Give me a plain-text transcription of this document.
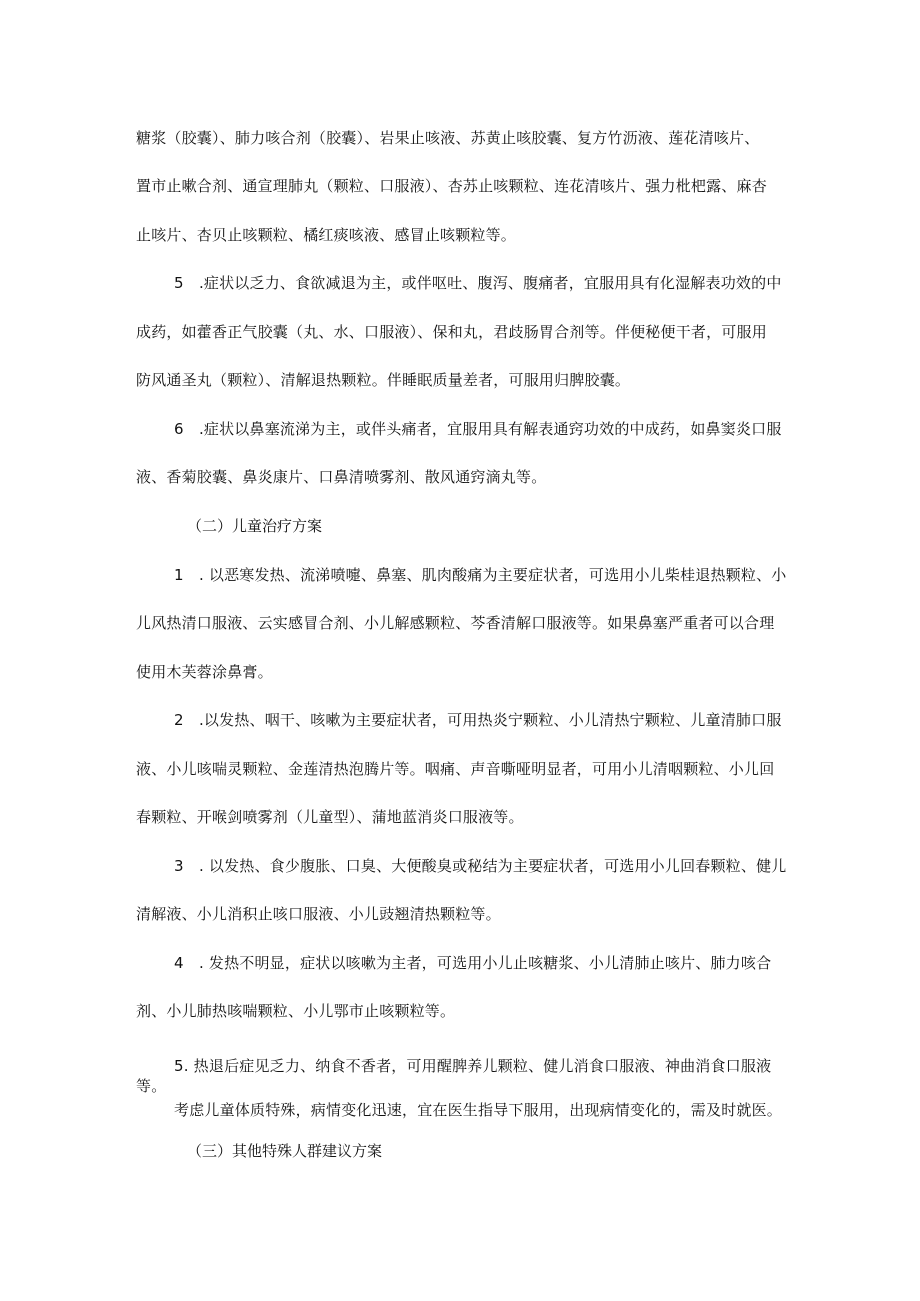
糖浆（胶囊）、肺力咳合剂（胶囊）、岩果止咳液、苏黄止咳胶囊、复方竹沥液、莲花清咳片、
置市止嗽合剂、通宣理肺丸（颗粒、口服液）、杏苏止咳颗粒、连花清咳片、强力枇杷露、麻杏
止咳片、杏贝止咳颗粒、橘红痰咳液、感冒止咳颗粒等。
5　.症状以乏力、食欲减退为主，或伴呕吐、腹泻、腹痛者，宜服用具有化湿解表功效的中
成药，如藿香正气胶囊（丸、水、口服液）、保和丸，君歧肠胃合剂等。伴便秘便干者，可服用
防风通圣丸（颗粒）、清解退热颗粒。伴睡眠质量差者，可服用归脾胶囊。
6　.症状以鼻塞流涕为主，或伴头痛者，宜服用具有解表通窍功效的中成药，如鼻窦炎口服
液、香菊胶囊、鼻炎康片、口鼻清喷雾剂、散风通窍滴丸等。
（二）儿童治疗方案
1　. 以恶寒发热、流涕喷嚏、鼻塞、肌肉酸痛为主要症状者，可选用小儿柴桂退热颗粒、小
儿风热清口服液、云实感冒合剂、小儿解感颗粒、芩香清解口服液等。如果鼻塞严重者可以合理
使用木芙蓉涂鼻膏。
2　.以发热、咽干、咳嗽为主要症状者，可用热炎宁颗粒、小儿清热宁颗粒、儿童清肺口服
液、小儿咳喘灵颗粒、金莲清热泡腾片等。咽痛、声音嘶哑明显者，可用小儿清咽颗粒、小儿回
春颗粒、开喉剑喷雾剂（儿童型）、蒲地蓝消炎口服液等。
3　. 以发热、食少腹胀、口臭、大便酸臭或秘结为主要症状者，可选用小儿回春颗粒、健儿
清解液、小儿消积止咳口服液、小儿豉翘清热颗粒等。
4　. 发热不明显，症状以咳嗽为主者，可选用小儿止咳糖浆、小儿清肺止咳片、肺力咳合
剂、小儿肺热咳喘颗粒、小儿鄂市止咳颗粒等。
5. 热退后症见乏力、纳食不香者，可用醒脾养儿颗粒、健儿消食口服液、神曲消食口服液
等。
考虑儿童体质特殊，病情变化迅速，宜在医生指导下服用，出现病情变化的，需及时就医。
（三）其他特殊人群建议方案
